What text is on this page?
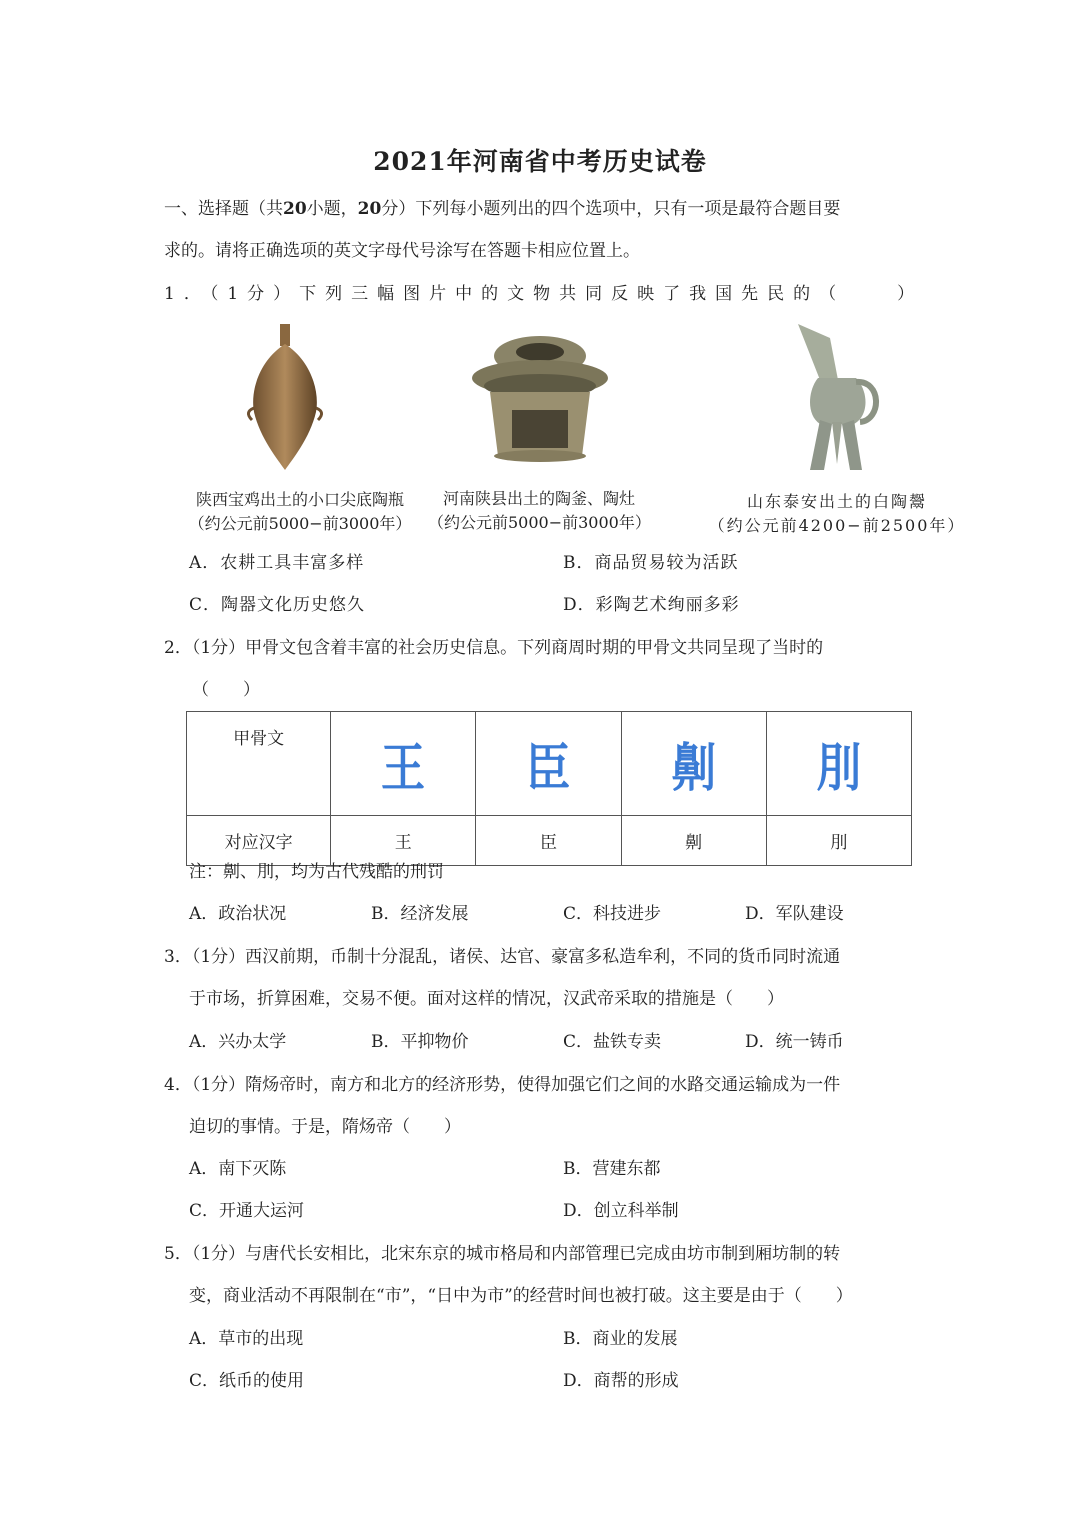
2021年河南省中考历史试卷
一、选择题（共20小题，20分）下列每小题列出的四个选项中，只有一项是最符合题目要
求的。请将正确选项的英文字母代号涂写在答题卡相应位置上。
1．（1分）下列三幅图片中的文物共同反映了我国先民的（　　）
陕西宝鸡出土的小口尖底陶瓶
（约公元前5000−前3000年）
河南陕县出土的陶釜、陶灶
（约公元前5000−前3000年）
山东泰安出土的白陶鬶
（约公元前4200−前2500年）
A．农耕工具丰富多样	B．商品贸易较为活跃
C．陶器文化历史悠久	D．彩陶艺术绚丽多彩
2．（1分）甲骨文包含着丰富的社会历史信息。下列商周时期的甲骨文共同呈现了当时的
（　　）
甲骨文	王	臣	劓	刖
对应汉字	王	臣	劓	刖
注：劓、刖，均为古代残酷的刑罚
A．政治状况	B．经济发展	C．科技进步	D．军队建设
3．（1分）西汉前期，币制十分混乱，诸侯、达官、豪富多私造牟利，不同的货币同时流通
于市场，折算困难，交易不便。面对这样的情况，汉武帝采取的措施是（　　）
A．兴办太学	B．平抑物价	C．盐铁专卖	D．统一铸币
4．（1分）隋炀帝时，南方和北方的经济形势，使得加强它们之间的水路交通运输成为一件
迫切的事情。于是，隋炀帝（　　）
A．南下灭陈	B．营建东都
C．开通大运河	D．创立科举制
5．（1分）与唐代长安相比，北宋东京的城市格局和内部管理已完成由坊市制到厢坊制的转
变，商业活动不再限制在“市”，“日中为市”的经营时间也被打破。这主要是由于（　　）
A．草市的出现	B．商业的发展
C．纸币的使用	D．商帮的形成
